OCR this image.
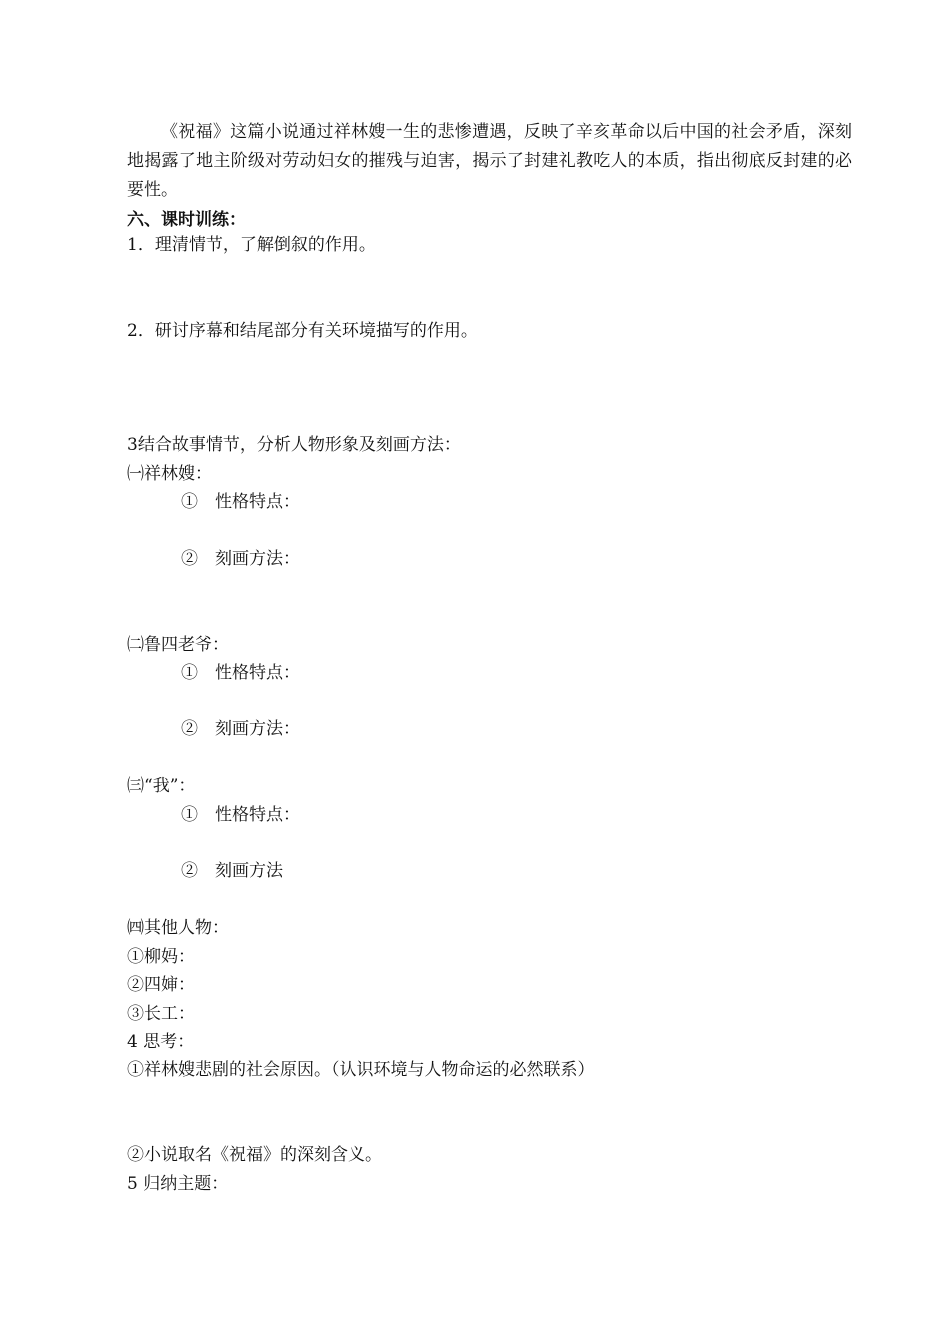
《祝福》这篇小说通过祥林嫂一生的悲惨遭遇，反映了辛亥革命以后中国的社会矛盾，深刻地揭露了地主阶级对劳动妇女的摧残与迫害，揭示了封建礼教吃人的本质，指出彻底反封建的必要性。

六、课时训练：
1．理清情节，了解倒叙的作用。
2．研讨序幕和结尾部分有关环境描写的作用。
3结合故事情节，分析人物形象及刻画方法：
㈠祥林嫂：
①　性格特点：
②　刻画方法：
㈡鲁四老爷：
①　性格特点：
②　刻画方法：
㈢“我”：
①　性格特点：
②　刻画方法
㈣其他人物：
①柳妈：
②四婶：
③长工：
4 思考：
①祥林嫂悲剧的社会原因。（认识环境与人物命运的必然联系）
②小说取名《祝福》的深刻含义。
5 归纳主题：
